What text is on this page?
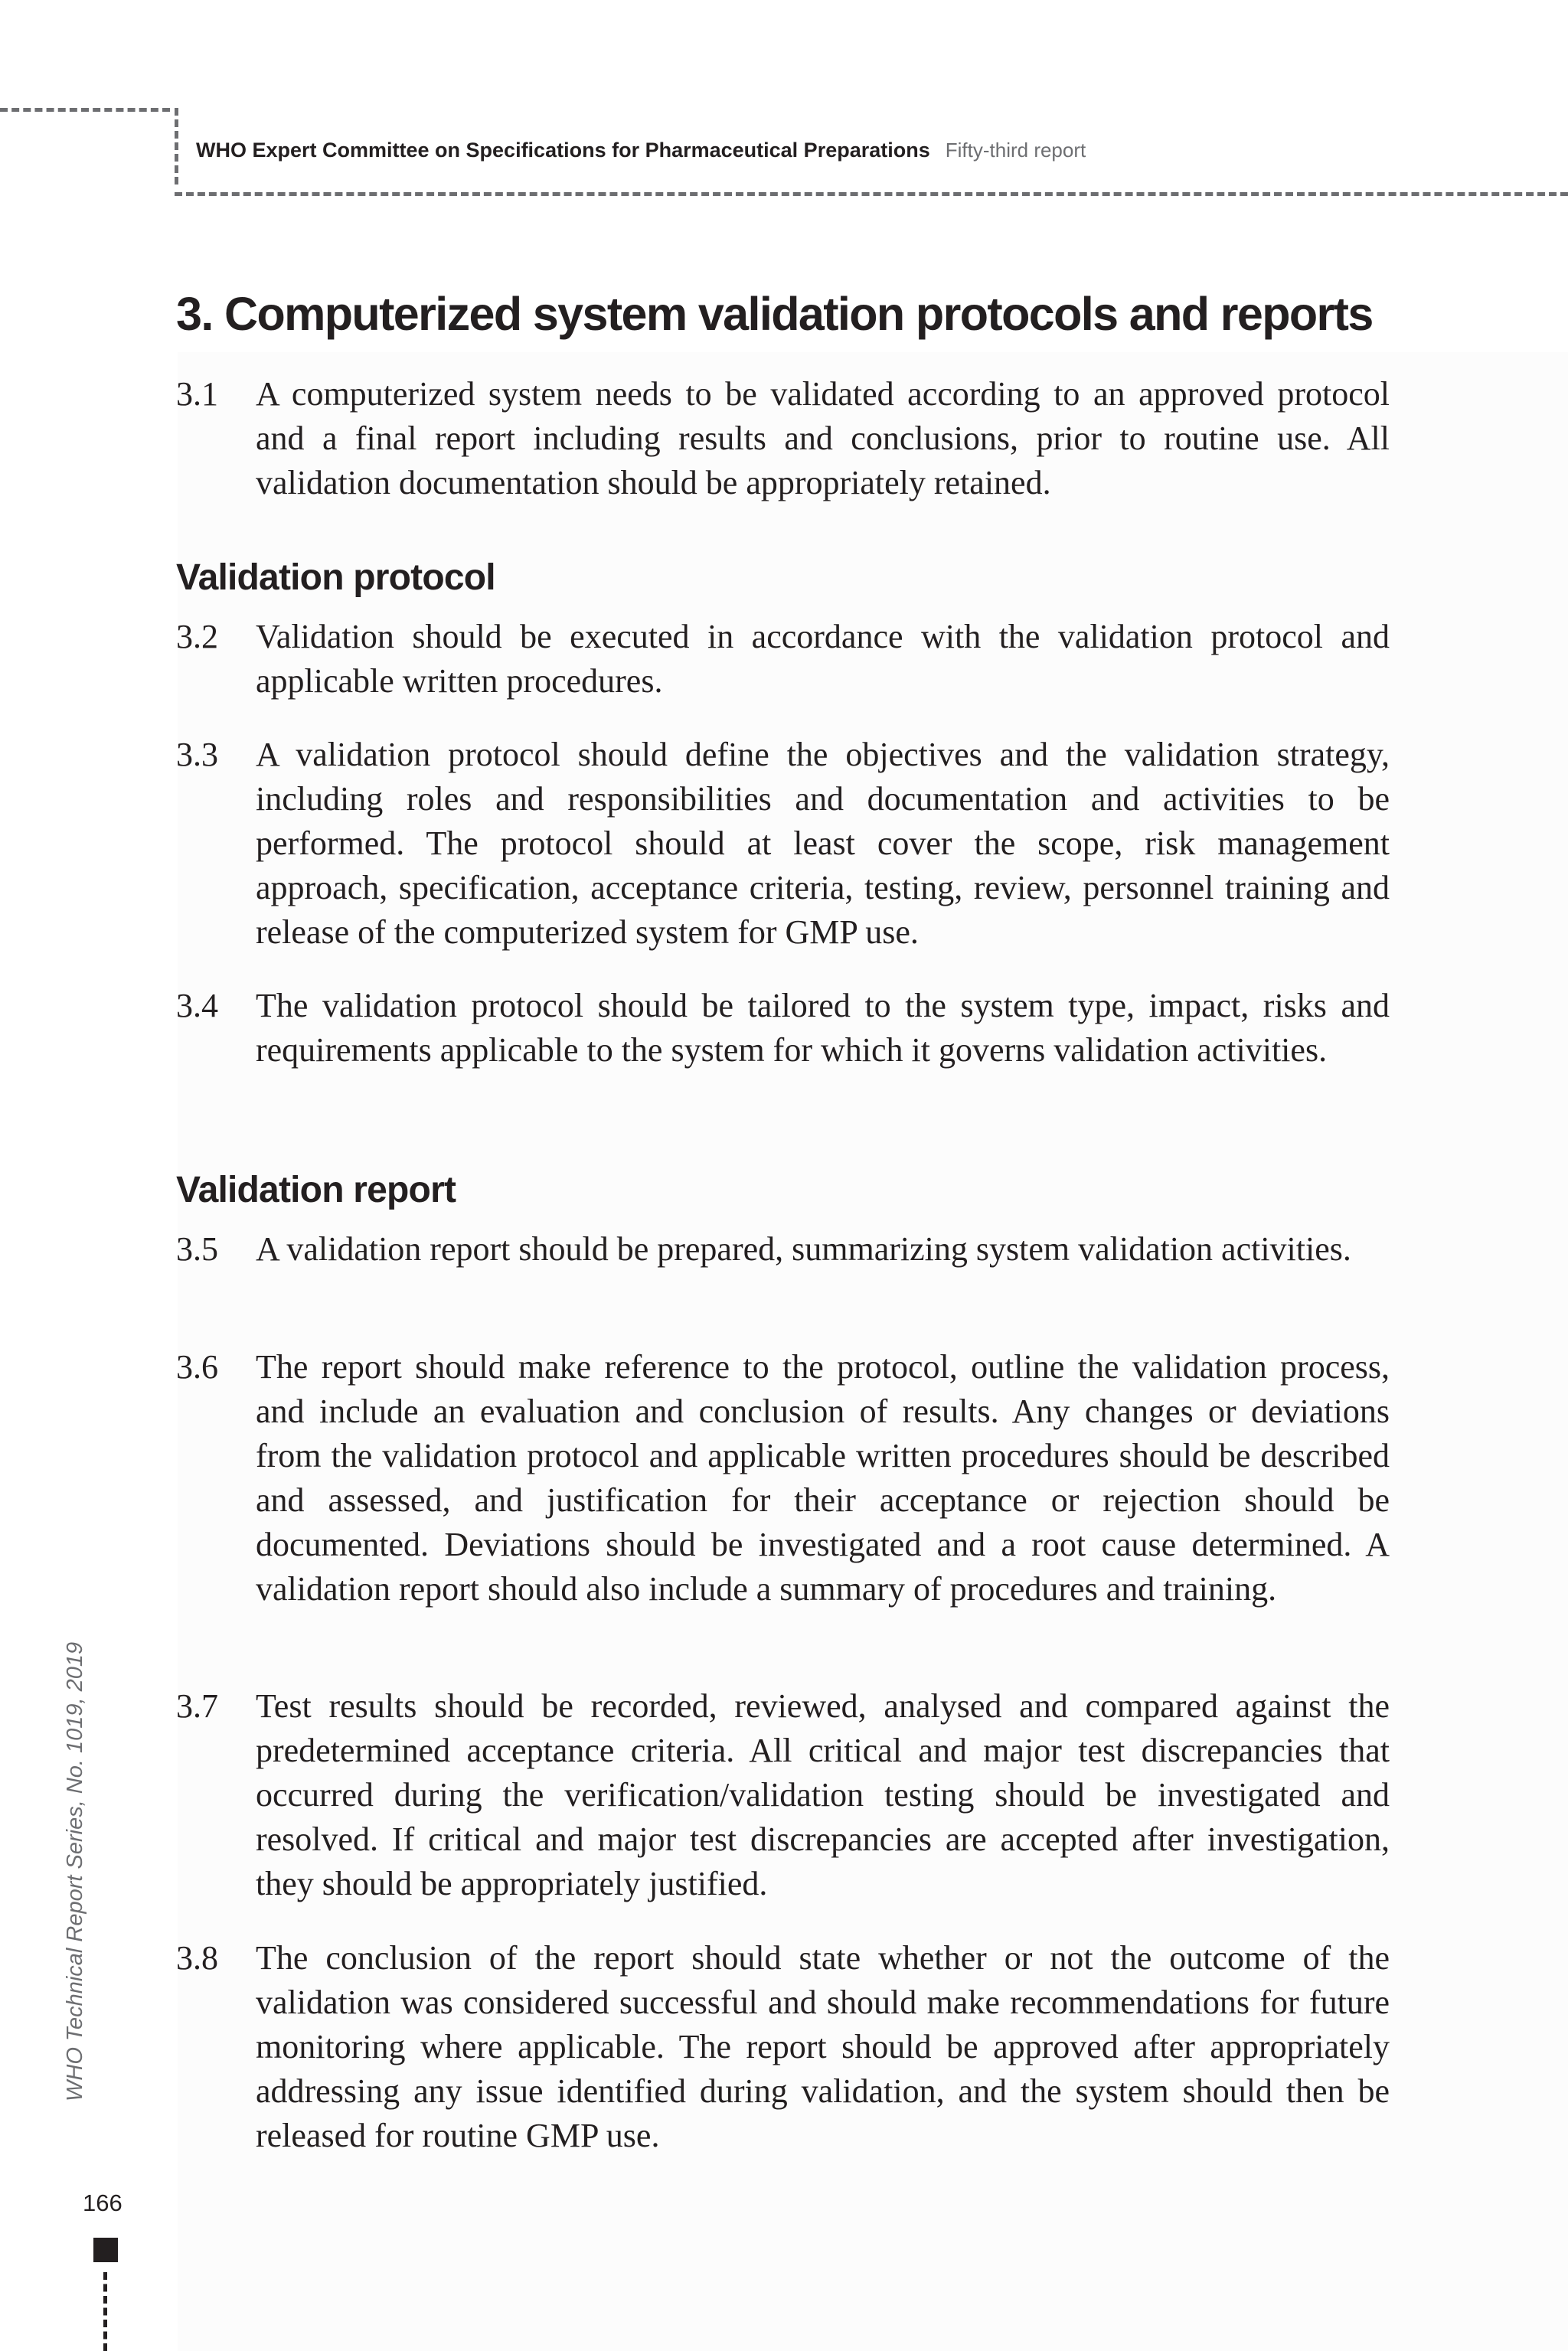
WHO Expert Committee on Specifications for Pharmaceutical Preparations Fifty-third report
3. Computerized system validation protocols and reports
3.1 A computerized system needs to be validated according to an approved protocol and a final report including results and conclusions, prior to routine use. All validation documentation should be appropriately retained.
Validation protocol
3.2 Validation should be executed in accordance with the validation protocol and applicable written procedures.
3.3 A validation protocol should define the objectives and the validation strategy, including roles and responsibilities and documentation and activities to be performed. The protocol should at least cover the scope, risk management approach, specification, acceptance criteria, testing, review, personnel training and release of the computerized system for GMP use.
3.4 The validation protocol should be tailored to the system type, impact, risks and requirements applicable to the system for which it governs validation activities.
Validation report
3.5 A validation report should be prepared, summarizing system validation activities.
3.6 The report should make reference to the protocol, outline the validation process, and include an evaluation and conclusion of results. Any changes or deviations from the validation protocol and applicable written procedures should be described and assessed, and justification for their acceptance or rejection should be documented. Deviations should be investigated and a root cause determined. A validation report should also include a summary of procedures and training.
3.7 Test results should be recorded, reviewed, analysed and compared against the predetermined acceptance criteria. All critical and major test discrepancies that occurred during the verification/validation testing should be investigated and resolved. If critical and major test discrepancies are accepted after investigation, they should be appropriately justified.
3.8 The conclusion of the report should state whether or not the outcome of the validation was considered successful and should make recommendations for future monitoring where applicable. The report should be approved after appropriately addressing any issue identified during validation, and the system should then be released for routine GMP use.
WHO Technical Report Series, No. 1019, 2019
166
